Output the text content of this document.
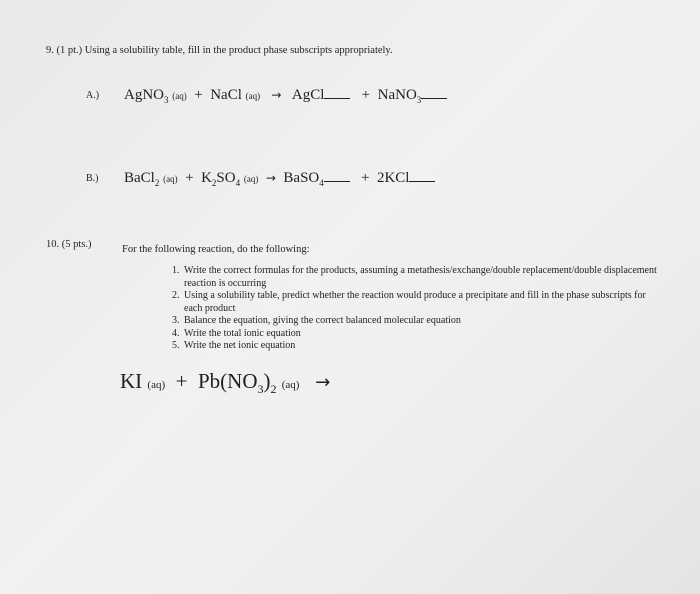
9. (1 pt.) Using a solubility table, fill in the product phase subscripts appropriately.
A.) AgNO$_3$ (aq) + NaCl (aq) → AgCl + NaNO$_3$
B.) BaCl$_2$ $(aq) + K_2SO_4$ (aq) → BaSO$_4$ + 2KCl
10. (5 pts.)	For the following reaction, do the following:
1. Write the correct formulas for the products, assuming a metathesis/exchange/double replacement/double displacement reaction is occurring
2. Using a solubility table, predict whether the reaction would produce a precipitate and fill in the phase subscripts for each product
3. Balance the equation, giving the correct balanced molecular equation
4. Write the total ionic equation
5. Write the net ionic equation
KI $(aq) + Pb(NO_3)_2$ (aq) →
